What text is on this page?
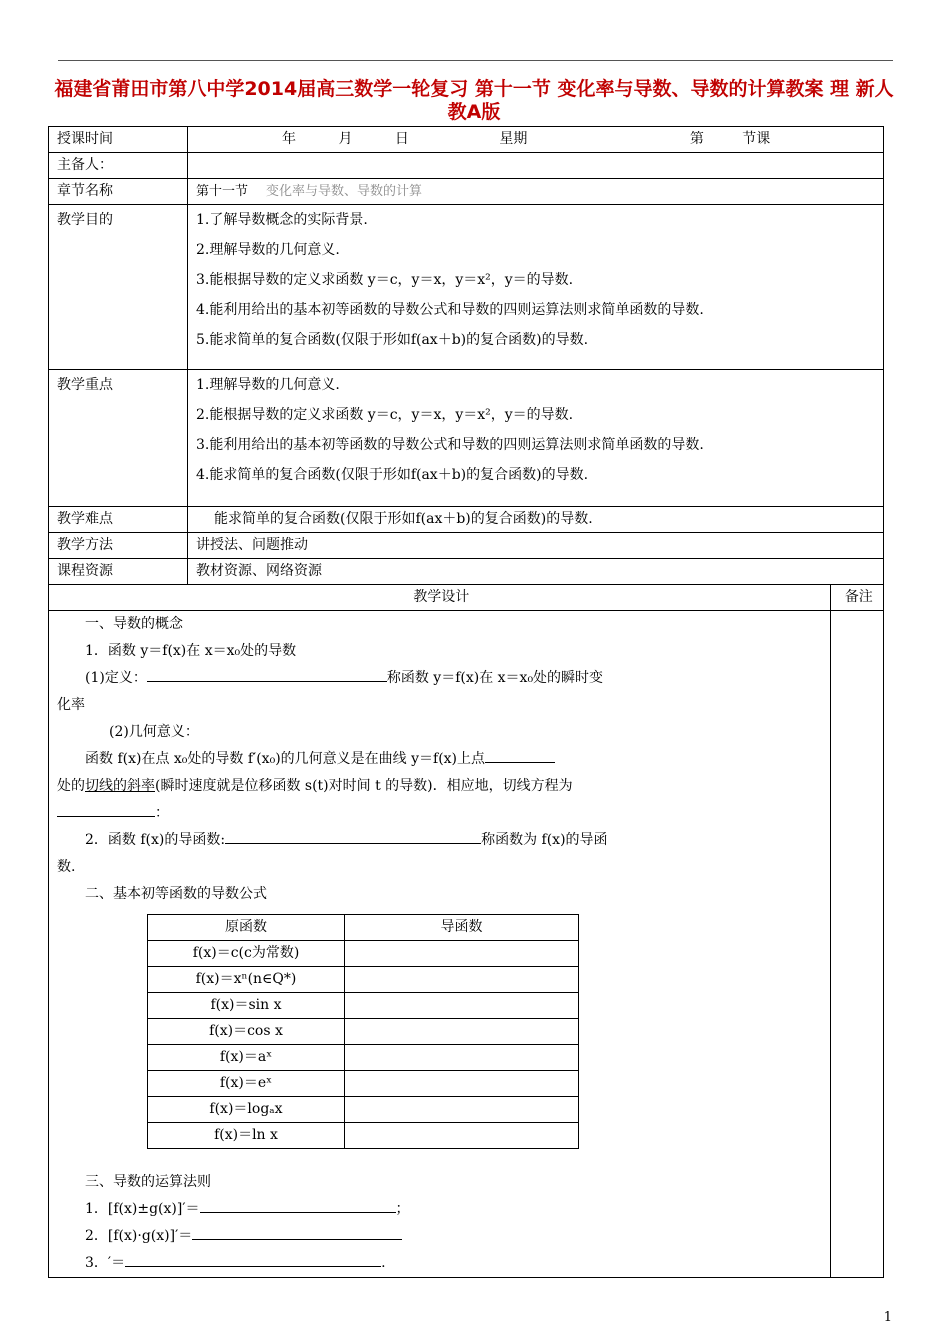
福建省莆田市第八中学2014届高三数学一轮复习 第十一节 变化率与导数、导数的计算教案 理 新人教A版
授课时间	年	月	日	星期	第	节课
主备人：	
章节名称	第十一节 变化率与导数、导数的计算
教学目的	1.了解导数概念的实际背景.
2.理解导数的几何意义.
3.能根据导数的定义求函数 y＝c，y＝x，y＝x²，y＝的导数.
4.能利用给出的基本初等函数的导数公式和导数的四则运算法则求简单函数的导数.
5.能求简单的复合函数(仅限于形如f(ax＋b)的复合函数)的导数.

教学重点	1.理解导数的几何意义.
2.能根据导数的定义求函数 y＝c，y＝x，y＝x²，y＝的导数.
3.能利用给出的基本初等函数的导数公式和导数的四则运算法则求简单函数的导数.
4.能求简单的复合函数(仅限于形如f(ax＋b)的复合函数)的导数.

教学难点	能求简单的复合函数(仅限于形如f(ax＋b)的复合函数)的导数.
教学方法	讲授法、问题推动
课程资源	教材资源、网络资源
教学设计	备注

一、导数的概念

1．函数 y＝f(x)在 x＝x₀处的导数

(1)定义：	称函数 y＝f(x)在 x＝x₀处的瞬时变

化率

(2)几何意义：

函数 f(x)在点 x₀处的导数 f′(x₀)的几何意义是在曲线 y＝f(x)上点

处的切线的斜率(瞬时速度就是位移函数 s(t)对时间 t 的导数)．相应地，切线方程为

：

2．函数 f(x)的导函数:	称函数为 f(x)的导函

数.

二、基本初等函数的导数公式

原函数	导函数
f(x)＝c(c为常数)	
f(x)＝xⁿ(n∈Q*)	
f(x)＝sin x	
f(x)＝cos x	
f(x)＝aˣ	
f(x)＝eˣ	
f(x)＝logₐx	
f(x)＝ln x	

三、导数的运算法则

1．[f(x)±g(x)]′＝	；

2．[f(x)·g(x)]′＝

3．′＝	.

1
